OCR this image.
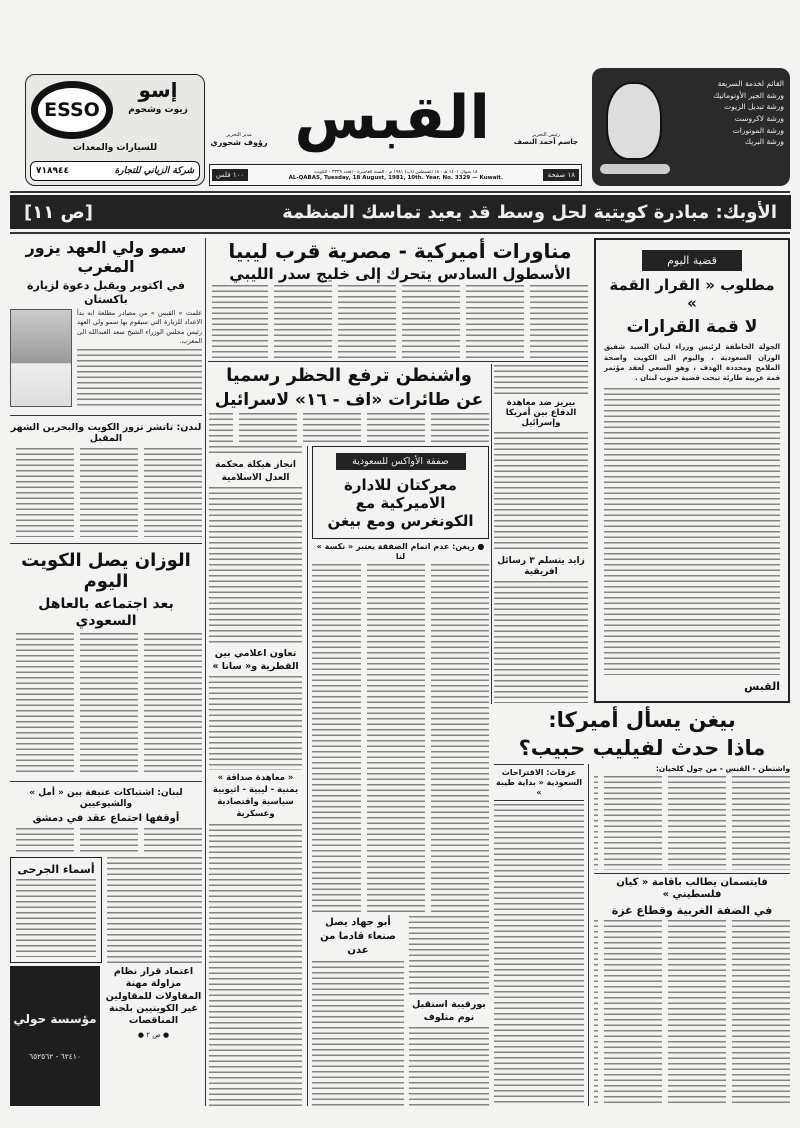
ESSO
إسو
زيوت وشحوم
للسيارات والمعدات
شركة الزياني للتجارة
٧١٨٩٤٤
مدير التحرير
رؤوف شحوري القبس	رئيس التحرير
جاسم أحمد النصف
١٨ صفحة
١٨ شوال ١٤٠١ هـ - ١٨ أغسطس (آب) ١٩٨١ م - السنة العاشرة - العدد ٣٣٢٩ - الكويت
AL-QABAS, Tuesday, 18 August, 1981, 10th. Year. No. 3329 — Kuwait.
١٠٠ فلس
القائم لخدمة السريعة
ورشة الجير الأوتوماتيك
ورشة تبديل الزيوت
ورشة لاكروست
ورشة الموتورات
ورشة البريك
الأوبك: مبادرة كويتية لحل وسط قد يعيد تماسك المنظمة
[ص ١١]
سمو ولي العهد يزور المغرب
في اكتوبر ويقبل دعوة لزيارة باكستان
علمت « القبس » من مصادر مطلعة انه بدأ الاعداد للزيارة التي سيقوم بها سمو ولي العهد رئيس مجلس الوزراء الشيخ سعد العبدالله الى المغرب.
لندن: تاتشر تزور الكويت والبحرين الشهر المقبل
الوزان يصل الكويت اليوم
بعد اجتماعه بالعاهل السعودي
لبنان: اشتباكات عنيفة بين « أمل » والشيوعيين
أوقفها اجتماع عقد في دمشق
أسماء الجرحى
اعتماد قرار نظام مزاولة مهنة المقاولات للمقاولين غير الكويتيين بلجنة المناقصات
● ص ٢ ●
مؤسسة حولي
٦٢٤١٠ - ٦٥٢٥٦٢
مناورات أميركية - مصرية قرب ليبيا
الأسطول السادس يتحرك إلى خليج سدر الليبي
بيريز ضد معاهدة الدفاع بين أمريكا وإسرائيل
زايد يتسلم ٣ رسائل افريقية
واشنطن ترفع الحظر رسميا
عن طائرات «اف - ١٦» لاسرائيل
صفقة الأواكس للسعودية
معركتان للادارة الاميركية مع الكونغرس ومع بيغن
● ريغن: عدم اتمام الصفقة يعتبر « نكسة » لنا
بورقيبة استقبل نوم متلوف
أبو جهاد يصل صنعاء قادما من عدن
انجاز هيكلة محكمة العدل الاسلامية
تعاون اعلامي بين القطرية و« سانا »
« معاهدة صداقة » يمنية - ليبية - اثيوبية سياسية واقتصادية وعسكرية
قضية اليوم
مطلوب « القرار القمة »
لا قمة القرارات
الجولة الخاطفة لرئيس وزراء لبنان السيد شفيق الوزان السعودية ، واليوم الى الكويت واضحة الملامح ومحددة الهدف ، وهو السعي لعقد مؤتمر قمة عربية طارئة تبحث قضية جنوب لبنان .
القبس
بيغن يسأل أميركا:
ماذا حدث لفيليب حبيب؟
واشنطن - القبس - من جول كلجيان:
فايتسمان يطالب باقامة « كيان فلسطيني »
في الضفة الغربية وقطاع غزة
عرفات: الاقتراحات السعودية « بداية طيبة »
